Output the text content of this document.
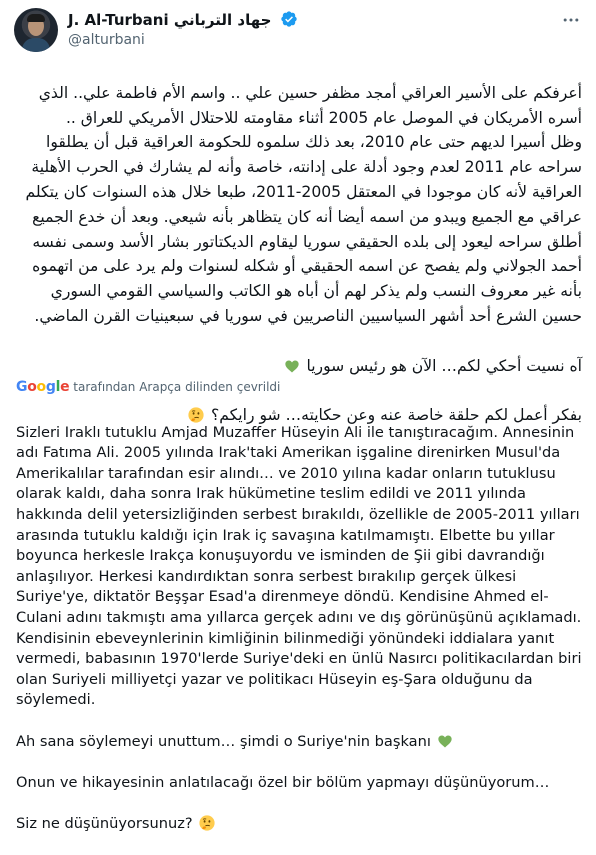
J. Al-Turbani جهاد الترباني
@alturbani

أعرفكم على الأسير العراقي أمجد مظفر حسين علي .. واسم الأم فاطمة علي.. الذي أسره الأمريكان في الموصل عام 2005 أثناء مقاومته للاحتلال الأمريكي للعراق ..
وظل أسيرا لديهم حتى عام 2010، بعد ذلك سلموه للحكومة العراقية قبل أن يطلقوا سراحه عام 2011 لعدم وجود أدلة على إدانته، خاصة وأنه لم يشارك في الحرب الأهلية العراقية لأنه كان موجودا في المعتقل 2005-2011، طبعا خلال هذه السنوات كان يتكلم عراقي مع الجميع ويبدو من اسمه أيضا أنه كان يتظاهر بأنه شيعي. وبعد أن خدع الجميع أطلق سراحه ليعود إلى بلده الحقيقي سوريا ليقاوم الديكتاتور بشار الأسد وسمى نفسه أحمد الجولاني ولم يفصح عن اسمه الحقيقي أو شكله لسنوات ولم يرد على من اتهموه بأنه غير معروف النسب ولم يذكر لهم أن أباه هو الكاتب والسياسي القومي السوري حسين الشرع أحد أشهر السياسيين الناصريين في سوريا في سبعينيات القرن الماضي.

آه نسيت أحكي لكم… الآن هو رئيس سوريا

بفكر أعمل لكم حلقة خاصة عنه وعن حكايته… شو رايكم؟

Google tarafından Arapça dilinden çevrildi

Sizleri Iraklı tutuklu Amjad Muzaffer Hüseyin Ali ile tanıştıracağım. Annesinin adı Fatıma Ali. 2005 yılında Irak'taki Amerikan işgaline direnirken Musul'da Amerikalılar tarafından esir alındı… ve 2010 yılına kadar onların tutuklusu olarak kaldı, daha sonra Irak hükümetine teslim edildi ve 2011 yılında hakkında delil yetersizliğinden serbest bırakıldı, özellikle de 2005-2011 yılları arasında tutuklu kaldığı için Irak iç savaşına katılmamıştı. Elbette bu yıllar boyunca herkesle Irakça konuşuyordu ve isminden de Şii gibi davrandığı anlaşılıyor. Herkesi kandırdıktan sonra serbest bırakılıp gerçek ülkesi Suriye'ye, diktatör Beşşar Esad'a direnmeye döndü. Kendisine Ahmed el-Culani adını takmıştı ama yıllarca gerçek adını ve dış görünüşünü açıklamadı. Kendisinin ebeveynlerinin kimliğinin bilinmediği yönündeki iddialara yanıt vermedi, babasının 1970'lerde Suriye'deki en ünlü Nasırcı politikacılardan biri olan Suriyeli milliyetçi yazar ve politikacı Hüseyin eş-Şara olduğunu da söylemedi.

Ah sana söylemeyi unuttum… şimdi o Suriye'nin başkanı

Onun ve hikayesinin anlatılacağı özel bir bölüm yapmayı düşünüyorum…

Siz ne düşünüyorsunuz?
